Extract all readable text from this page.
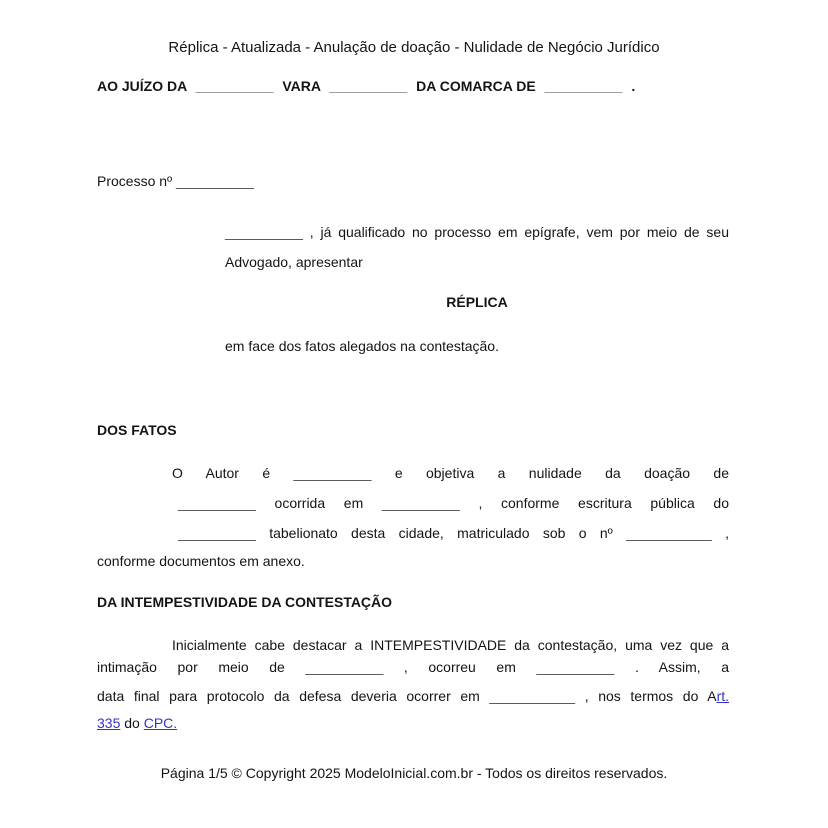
Réplica - Atualizada - Anulação de doação - Nulidade de Negócio Jurídico
AO JUÍZO DA __________ VARA __________ DA COMARCA DE __________ .
Processo nº __________
__________ , já qualificado no processo em epígrafe, vem por meio de seu
Advogado, apresentar
RÉPLICA
em face dos fatos alegados na contestação.
DOS FATOS
O Autor é __________ e objetiva a nulidade da doação de
__________ ocorrida em __________ , conforme escritura pública do
__________ tabelionato desta cidade, matriculado sob o nº ___________ ,
conforme documentos em anexo.
DA INTEMPESTIVIDADE DA CONTESTAÇÃO
Inicialmente cabe destacar a INTEMPESTIVIDADE da contestação, uma vez que a
intimação por meio de __________ , ocorreu em __________ . Assim, a
data final para protocolo da defesa deveria ocorrer em ___________ , nos termos do Art.
335 do CPC.
Página 1/5 © Copyright 2025 ModeloInicial.com.br - Todos os direitos reservados.
